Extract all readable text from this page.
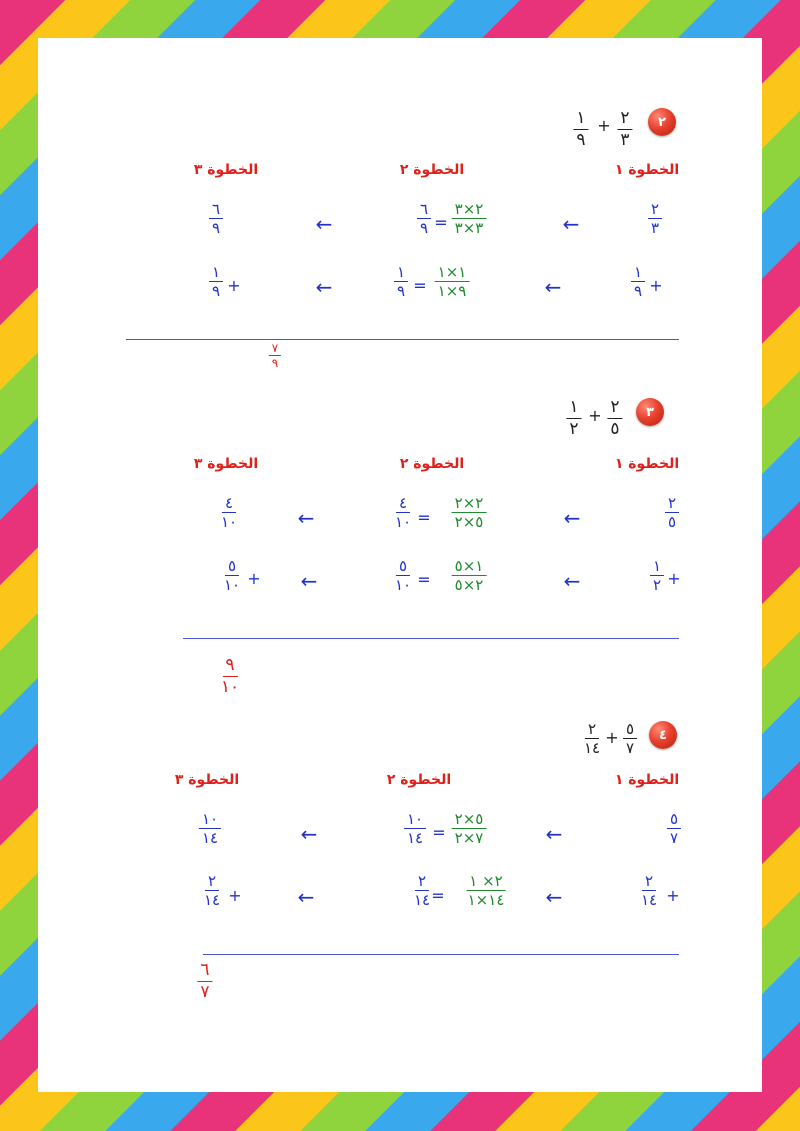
٢
٢
٣
+
١
٩
الخطوة ١
الخطوة ٢
الخطوة ٣
٢
٣
←
٢×٣
٣×٣
=
٦
٩
←
٦
٩
+
١
٩
←
١×١
٩×١
=
١
٩
←
+
١
٩
٧
٩
٣
٢
٥
+
١
٢
الخطوة ١
الخطوة ٢
الخطوة ٣
٢
٥
←
٢×٢
٥×٢
=
٤
١٠
←
٤
١٠
+
١
٢
←
١×٥
٢×٥
=
٥
١٠
←
+
٥
١٠
٩
١٠
٤
٥
٧
+
٢
١٤
الخطوة ١
الخطوة ٢
الخطوة ٣
٥
٧
←
٥×٢
٧×٢
=
١٠
١٤
←
١٠
١٤
+
٢
١٤
←
٢× ١
١٤×١
=
٢
١٤
←
+
٢
١٤
٦
٧
